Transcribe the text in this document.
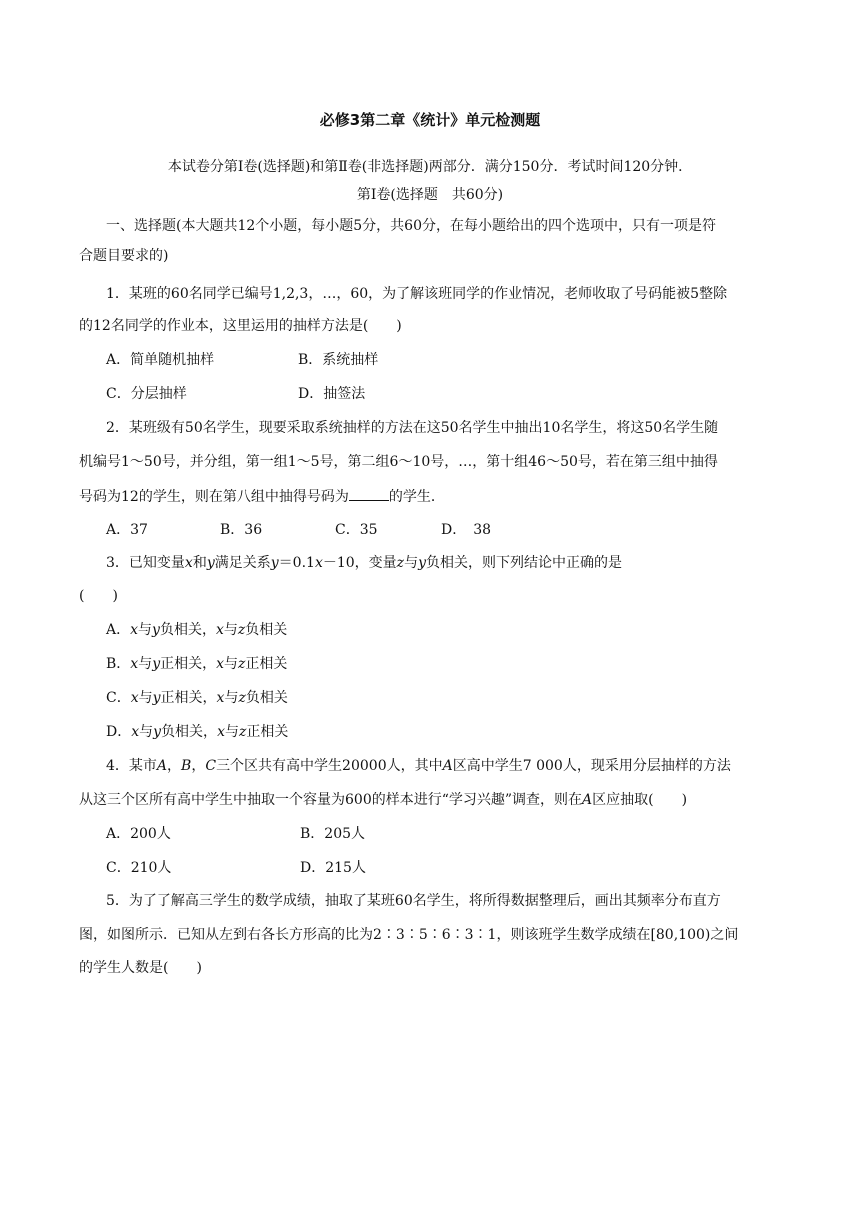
必修3第二章《统计》单元检测题
本试卷分第Ⅰ卷(选择题)和第Ⅱ卷(非选择题)两部分．满分150分．考试时间120分钟．
第Ⅰ卷(选择题　共60分)
一、选择题(本大题共12个小题，每小题5分，共60分，在每小题给出的四个选项中，只有一项是符
合题目要求的)
1．某班的60名同学已编号1,2,3，…，60，为了解该班同学的作业情况，老师收取了号码能被5整除
的12名同学的作业本，这里运用的抽样方法是(　　)
A．简单随机抽样	B．系统抽样
C．分层抽样	D．抽签法
2．某班级有50名学生，现要采取系统抽样的方法在这50名学生中抽出10名学生，将这50名学生随
机编号1～50号，并分组，第一组1～5号，第二组6～10号，…，第十组46～50号，若在第三组中抽得
号码为12的学生，则在第八组中抽得号码为	的学生．
A．37	B．36	C．35	D．　38
3．已知变量x和y满足关系y＝0.1x－10，变量z与y负相关，则下列结论中正确的是
(　　)
A．x与y负相关，x与z负相关
B．x与y正相关，x与z正相关
C．x与y正相关，x与z负相关
D．x与y负相关，x与z正相关
4．某市A，B，C三个区共有高中学生20000人，其中A区高中学生7 000人，现采用分层抽样的方法
从这三个区所有高中学生中抽取一个容量为600的样本进行“学习兴趣”调查，则在A区应抽取(　　)
A．200人	B．205人
C．210人	D．215人
5．为了了解高三学生的数学成绩，抽取了某班60名学生，将所得数据整理后，画出其频率分布直方
图，如图所示．已知从左到右各长方形高的比为2∶3∶5∶6∶3∶1，则该班学生数学成绩在[80,100)之间
的学生人数是(　　)
